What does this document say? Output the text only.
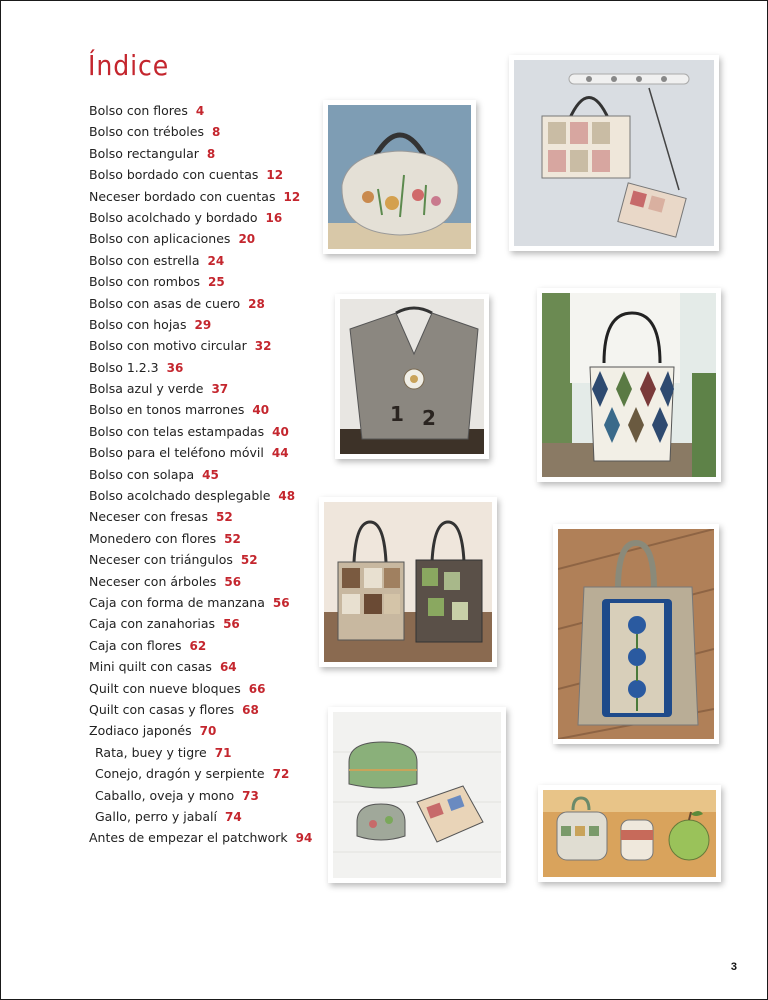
Índice
Bolso con flores 4
Bolso con tréboles 8
Bolso rectangular 8
Bolso bordado con cuentas 12
Neceser bordado con cuentas 12
Bolso acolchado y bordado 16
Bolso con aplicaciones 20
Bolso con estrella 24
Bolso con rombos 25
Bolso con asas de cuero 28
Bolso con hojas 29
Bolso con motivo circular 32
Bolso 1.2.3 36
Bolsa azul y verde 37
Bolso en tonos marrones 40
Bolso con telas estampadas 40
Bolso para el teléfono móvil 44
Bolso con solapa 45
Bolso acolchado desplegable 48
Neceser con fresas 52
Monedero con flores 52
Neceser con triángulos 52
Neceser con árboles 56
Caja con forma de manzana 56
Caja con zanahorias 56
Caja con flores 62
Mini quilt con casas 64
Quilt con nueve bloques 66
Quilt con casas y flores 68
Zodiaco japonés 70
Rata, buey y tigre 71
Conejo, dragón y serpiente 72
Caballo, oveja y mono 73
Gallo, perro y jabalí 74
Antes de empezar el patchwork 94
1 2
3
